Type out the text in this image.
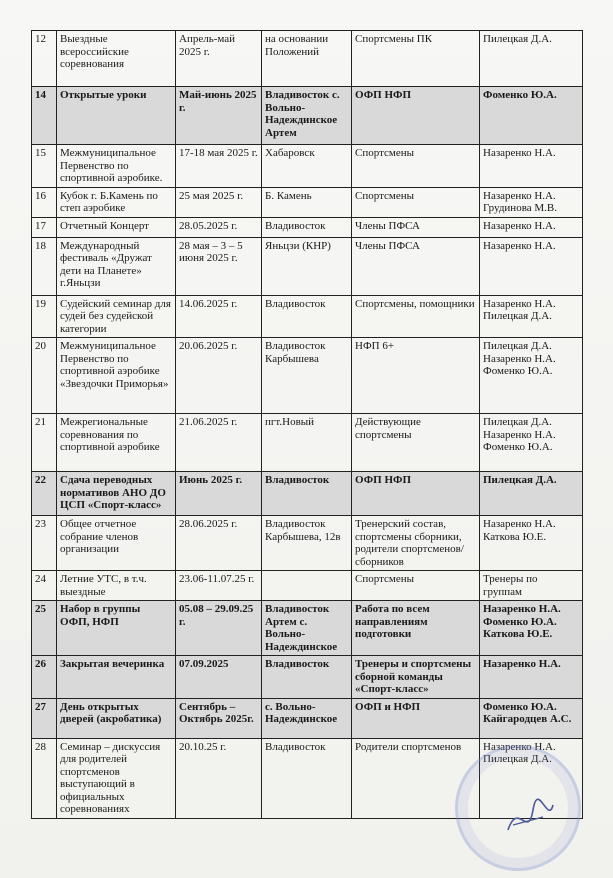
12	Выездные всероссийские соревнования	Апрель-май 2025 г.	на основании Положений	Спортсмены ПК	Пилецкая Д.А.
14	Открытые уроки	Май-июнь 2025 г.	Владивосток с. Вольно-Надеждинское Артем	ОФП НФП	Фоменко Ю.А.
15	Межмуниципальное Первенство по спортивной аэробике.	17-18 мая 2025 г.	Хабаровск	Спортсмены	Назаренко Н.А.
16	Кубок г. Б.Камень по степ аэробике	25 мая 2025 г.	Б. Камень	Спортсмены	Назаренко Н.А. Грудинова М.В.
17	Отчетный Концерт	28.05.2025 г.	Владивосток	Члены ПФСА	Назаренко Н.А.
18	Международный фестиваль «Дружат дети на Планете» г.Яньцзи	28 мая – 3 – 5 июня 2025 г.	Яньцзи (КНР)	Члены ПФСА	Назаренко Н.А.
19	Судейский семинар для судей без судейской категории	14.06.2025 г.	Владивосток	Спортсмены, помощники	Назаренко Н.А. Пилецкая Д.А.
20	Межмуниципальное Первенство по спортивной аэробике «Звездочки Приморья»	20.06.2025 г.	Владивосток Карбышева	НФП 6+	Пилецкая Д.А. Назаренко Н.А. Фоменко Ю.А.
21	Межрегиональные соревнования по спортивной аэробике	21.06.2025 г.	пгт.Новый	Действующие спортсмены	Пилецкая Д.А. Назаренко Н.А. Фоменко Ю.А.
22	Сдача переводных нормативов АНО ДО ЦСП «Спорт-класс»	Июнь 2025 г.	Владивосток	ОФП НФП	Пилецкая Д.А.
23	Общее отчетное собрание членов организации	28.06.2025 г.	Владивосток Карбышева, 12в	Тренерский состав, спортсмены сборники, родители спортсменов/сборников	Назаренко Н.А. Каткова Ю.Е.
24	Летние УТС, в т.ч. выездные	23.06-11.07.25 г.		Спортсмены	Тренеры по группам
25	Набор в группы ОФП, НФП	05.08 – 29.09.25 г.	Владивосток Артем с. Вольно-Надеждинское	Работа по всем направлениям подготовки	Назаренко Н.А. Фоменко Ю.А. Каткова Ю.Е.
26	Закрытая вечеринка	07.09.2025	Владивосток	Тренеры и спортсмены сборной команды «Спорт-класс»	Назаренко Н.А.
27	День открытых дверей (акробатика)	Сентябрь – Октябрь 2025г.	с. Вольно-Надеждинское	ОФП и НФП	Фоменко Ю.А. Кайгародцев А.С.
28	Семинар – дискуссия для родителей спортсменов выступающий в официальных соревнованиях	20.10.25 г.	Владивосток	Родители спортсменов	Назаренко Н.А. Пилецкая Д.А.
